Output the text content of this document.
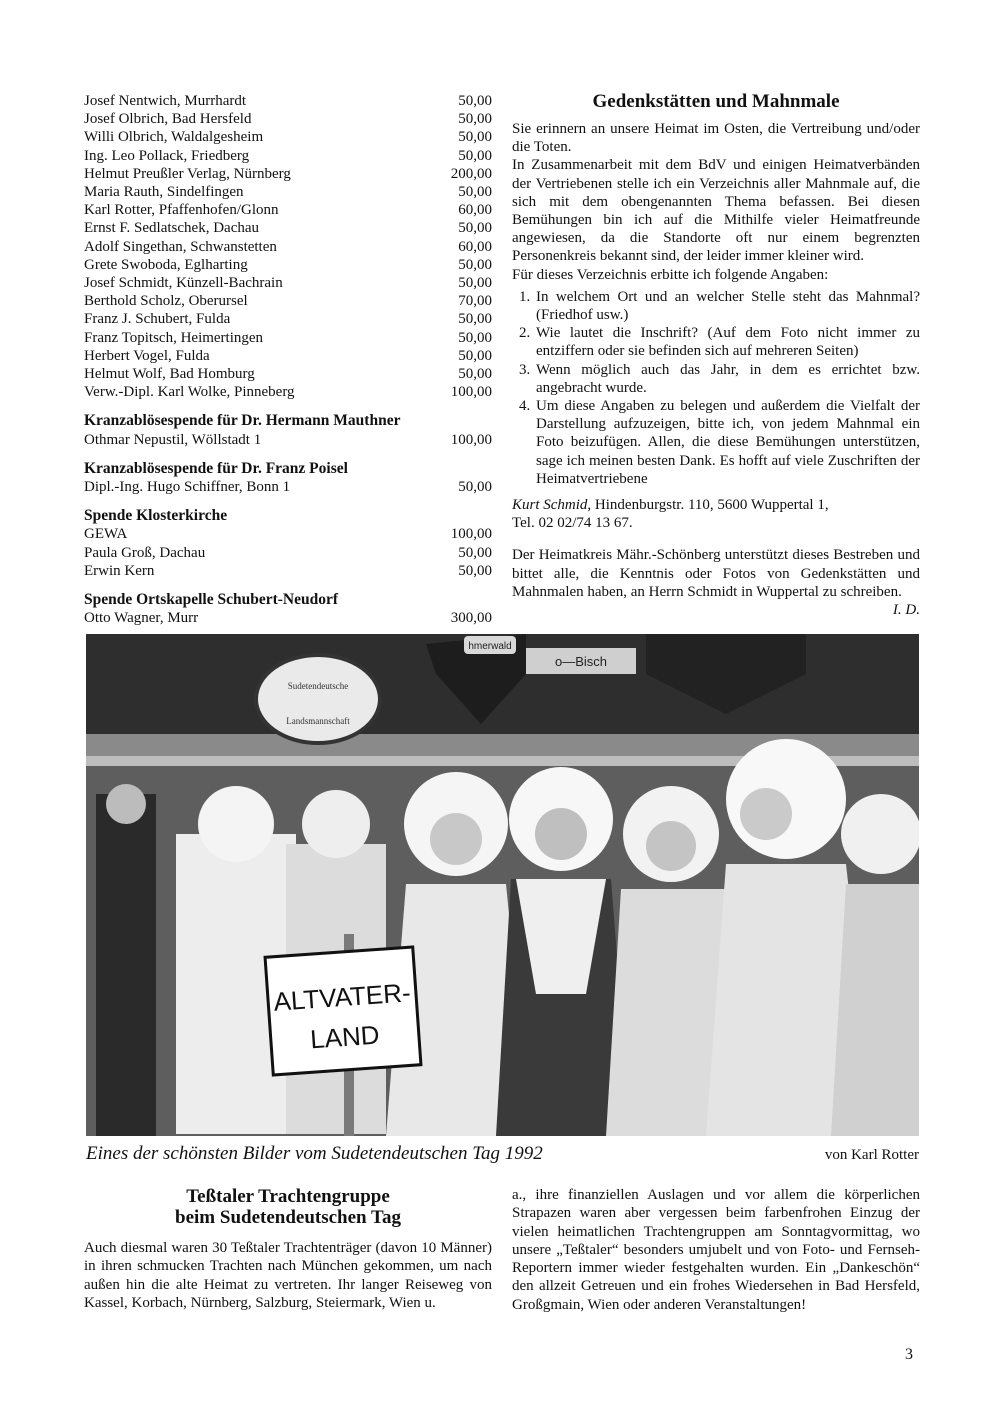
Josef Nentwich, Murrhardt	50,00
Josef Olbrich, Bad Hersfeld	50,00
Willi Olbrich, Waldalgesheim	50,00
Ing. Leo Pollack, Friedberg	50,00
Helmut Preußler Verlag, Nürnberg	200,00
Maria Rauth, Sindelfingen	50,00
Karl Rotter, Pfaffenhofen/Glonn	60,00
Ernst F. Sedlatschek, Dachau	50,00
Adolf Singethan, Schwanstetten	60,00
Grete Swoboda, Eglharting	50,00
Josef Schmidt, Künzell-Bachrain	50,00
Berthold Scholz, Oberursel	70,00
Franz J. Schubert, Fulda	50,00
Franz Topitsch, Heimertingen	50,00
Herbert Vogel, Fulda	50,00
Helmut Wolf, Bad Homburg	50,00
Verw.-Dipl. Karl Wolke, Pinneberg	100,00
Kranzablösespende für Dr. Hermann Mauthner
Othmar Nepustil, Wöllstadt 1	100,00
Kranzablösespende für Dr. Franz Poisel
Dipl.-Ing. Hugo Schiffner, Bonn 1	50,00
Spende Klosterkirche
GEWA	100,00
Paula Groß, Dachau	50,00
Erwin Kern	50,00
Spende Ortskapelle Schubert-Neudorf
Otto Wagner, Murr	300,00
Gedenkstätten und Mahnmale

Sie erinnern an unsere Heimat im Osten, die Vertreibung und/oder die Toten.

In Zusammenarbeit mit dem BdV und einigen Heimatverbänden der Vertriebenen stelle ich ein Verzeichnis aller Mahnmale auf, die sich mit dem obengenannten Thema befassen. Bei diesen Bemühungen bin ich auf die Mithilfe vieler Heimatfreunde angewiesen, da die Standorte oft nur einem begrenzten Personenkreis bekannt sind, der leider immer kleiner wird.

Für dieses Verzeichnis erbitte ich folgende Angaben:

1. In welchem Ort und an welcher Stelle steht das Mahnmal? (Friedhof usw.)
2. Wie lautet die Inschrift? (Auf dem Foto nicht immer zu entziffern oder sie befinden sich auf mehreren Seiten)
3. Wenn möglich auch das Jahr, in dem es errichtet bzw. angebracht wurde.
4. Um diese Angaben zu belegen und außerdem die Vielfalt der Darstellung aufzuzeigen, bitte ich, von jedem Mahnmal ein Foto beizufügen. Allen, die diese Bemühungen unterstützen, sage ich meinen besten Dank. Es hofft auf viele Zuschriften der Heimatvertriebene
Kurt Schmid, Hindenburgstr. 110, 5600 Wuppertal 1,
Tel. 02 02/74 13 67.

Der Heimatkreis Mähr.-Schönberg unterstützt dieses Bestreben und bittet alle, die Kenntnis oder Fotos von Gedenkstätten und Mahnmalen haben, an Herrn Schmidt in Wuppertal zu schreiben.

I. D.
Sudetendeutsche
Landsmannschaft
hmerwald
o—Bisch
ALTVATER-
LAND
Eines der schönsten Bilder vom Sudetendeutschen Tag 1992	von Karl Rotter
Teßtaler Trachtengruppe
beim Sudetendeutschen Tag
Auch diesmal waren 30 Teßtaler Trachtenträger (davon 10 Männer) in ihren schmucken Trachten nach München gekommen, um nach außen hin die alte Heimat zu vertreten. Ihr langer Reiseweg von Kassel, Korbach, Nürnberg, Salzburg, Steiermark, Wien u.
a., ihre finanziellen Auslagen und vor allem die körperlichen Strapazen waren aber vergessen beim farbenfrohen Einzug der vielen heimatlichen Trachtengruppen am Sonntagvormittag, wo unsere „Teßtaler“ besonders umjubelt und von Foto- und Fernseh-Reportern immer wieder festgehalten wurden. Ein „Dankeschön“ den allzeit Getreuen und ein frohes Wiedersehen in Bad Hersfeld, Großgmain, Wien oder anderen Veranstaltungen!
3
